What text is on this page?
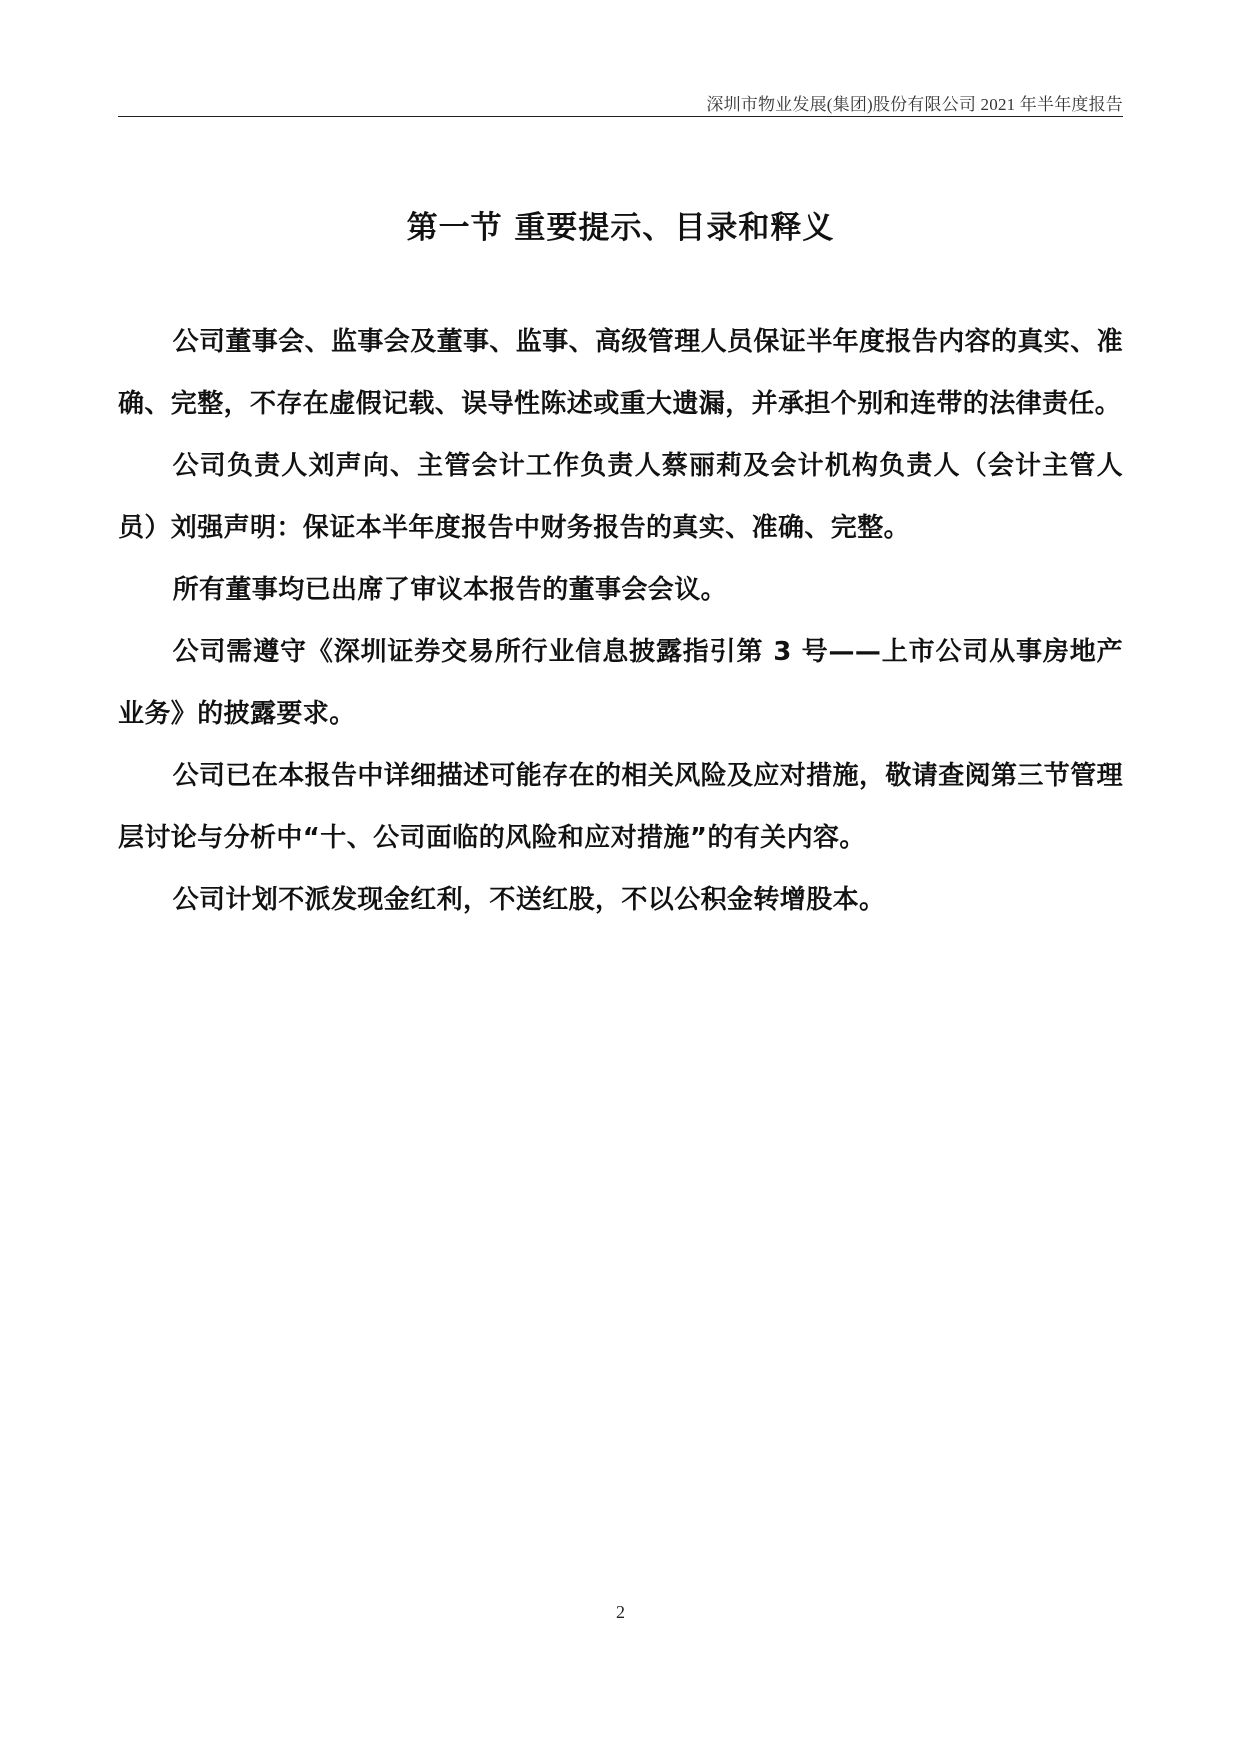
深圳市物业发展(集团)股份有限公司 2021 年半年度报告
第一节 重要提示、目录和释义

公司董事会、监事会及董事、监事、高级管理人员保证半年度报告内容的真实、准确、完整，不存在虚假记载、误导性陈述或重大遗漏，并承担个别和连带的法律责任。

公司负责人刘声向、主管会计工作负责人蔡丽莉及会计机构负责人（会计主管人员）刘强声明：保证本半年度报告中财务报告的真实、准确、完整。

所有董事均已出席了审议本报告的董事会会议。

公司需遵守《深圳证券交易所行业信息披露指引第 3 号——上市公司从事房地产业务》的披露要求。

公司已在本报告中详细描述可能存在的相关风险及应对措施，敬请查阅第三节管理层讨论与分析中“十、公司面临的风险和应对措施”的有关内容。

公司计划不派发现金红利，不送红股，不以公积金转增股本。

2
